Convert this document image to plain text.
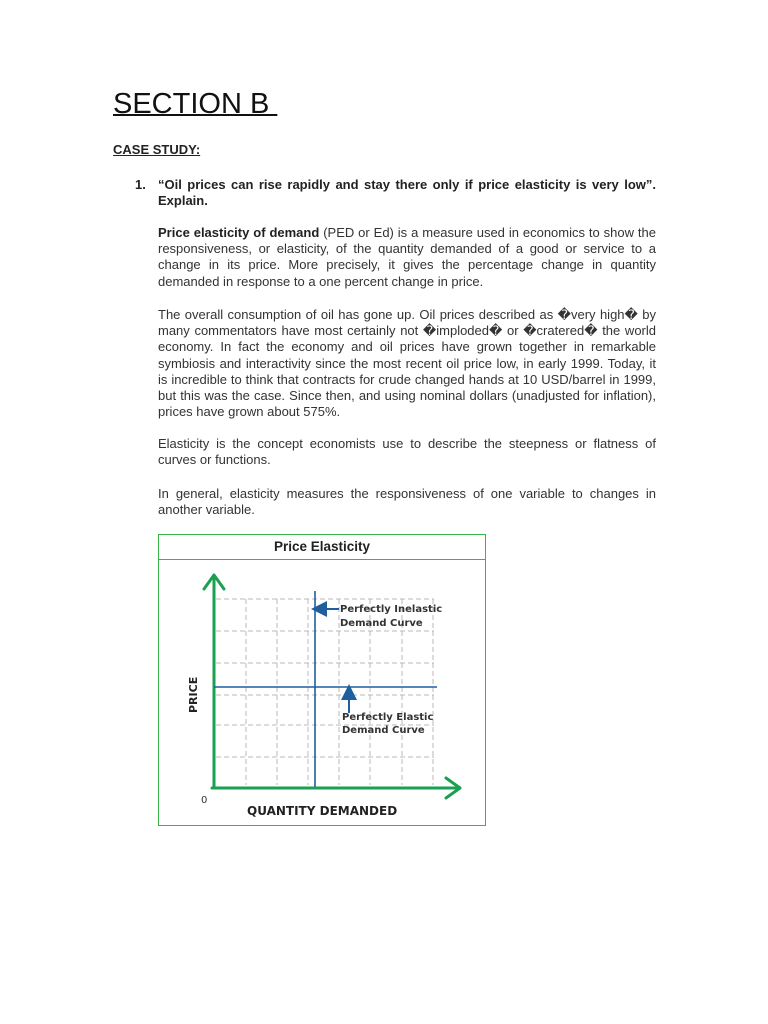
SECTION B
CASE STUDY:
1. “Oil prices can rise rapidly and stay there only if price elasticity is very low”. Explain.
Price elasticity of demand (PED or Ed) is a measure used in economics to show the responsiveness, or elasticity, of the quantity demanded of a good or service to a change in its price. More precisely, it gives the percentage change in quantity demanded in response to a one percent change in price.
The overall consumption of oil has gone up. Oil prices described as �very high� by many commentators have most certainly not �imploded� or �cratered� the world economy. In fact the economy and oil prices have grown together in remarkable symbiosis and interactivity since the most recent oil price low, in early 1999. Today, it is incredible to think that contracts for crude changed hands at 10 USD/barrel in 1999, but this was the case. Since then, and using nominal dollars (unadjusted for inflation), prices have grown about 575%.
Elasticity is the concept economists use to describe the steepness or flatness of curves or functions.
In general, elasticity measures the responsiveness of one variable to changes in another variable.
Price Elasticity
Perfectly Inelastic
Demand Curve
Perfectly Elastic
Demand Curve
PRICE
QUANTITY DEMANDED
0
